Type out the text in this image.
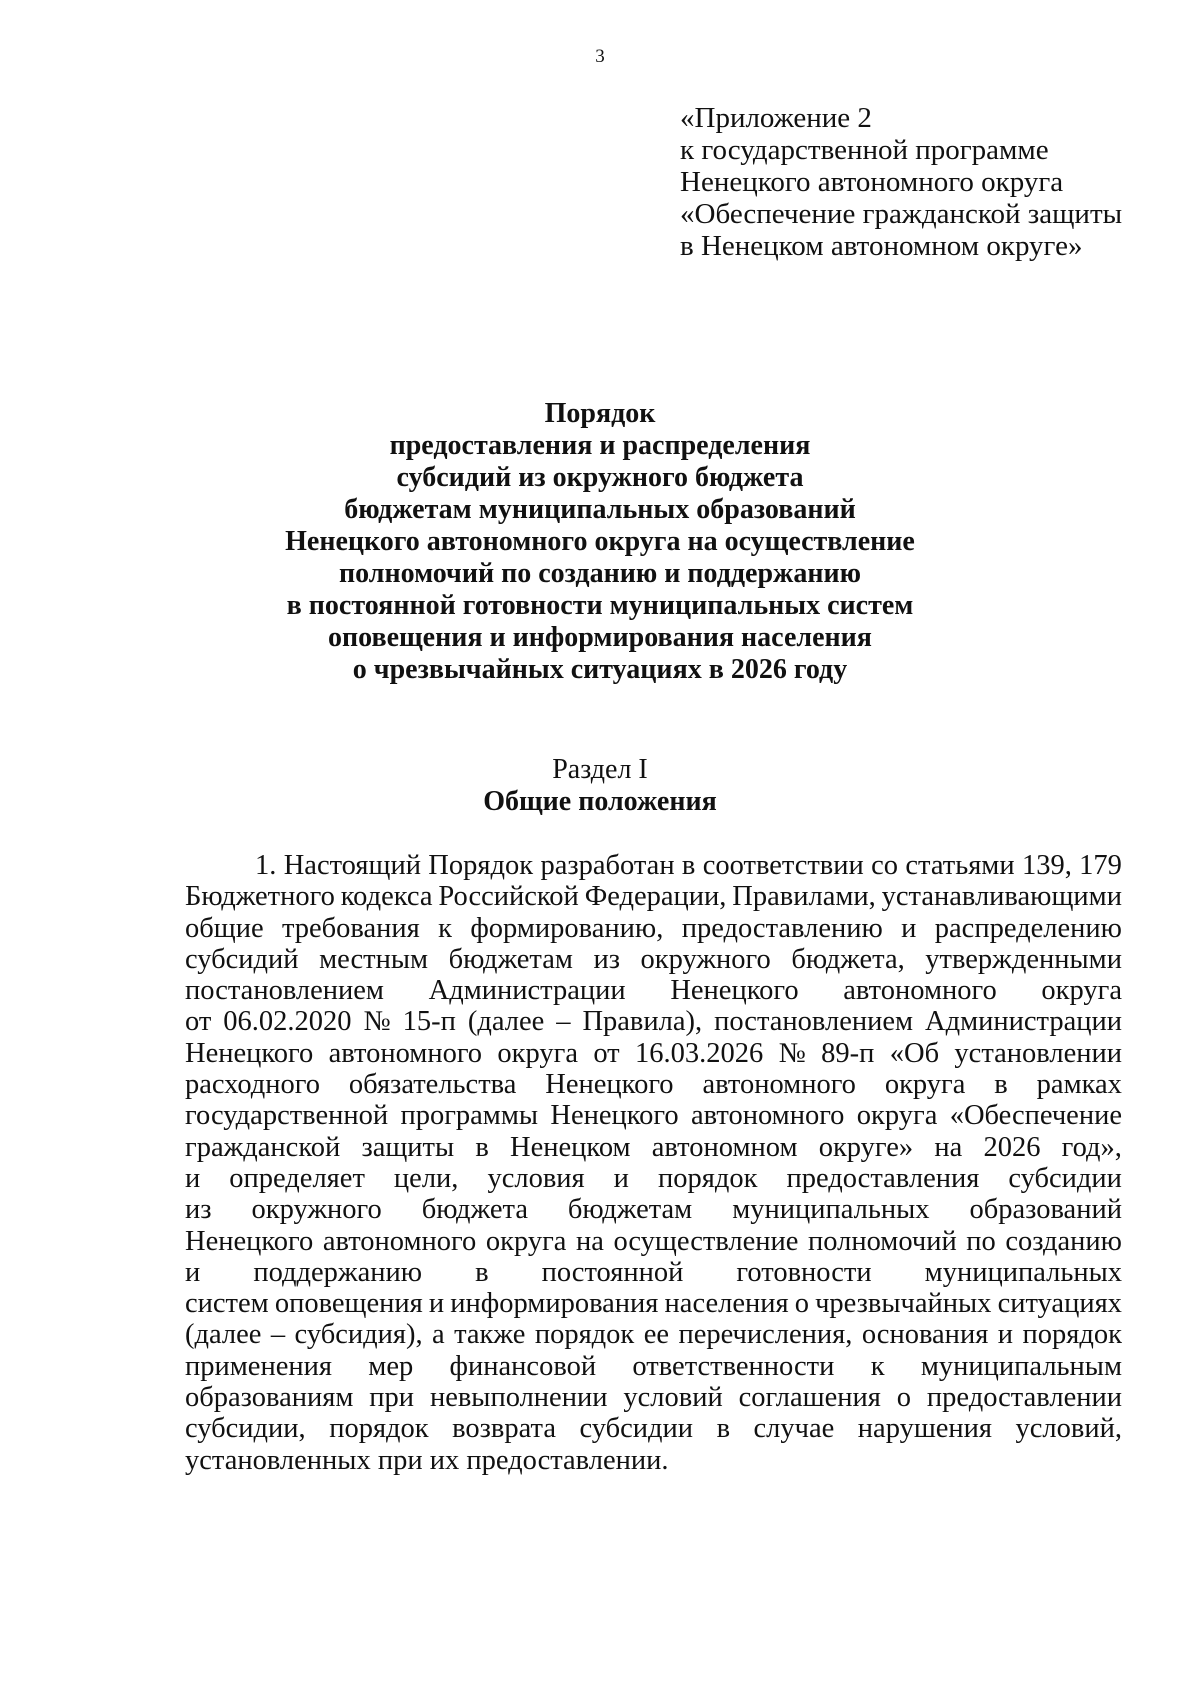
3
«Приложение 2
к государственной программе
Ненецкого автономного округа
«Обеспечение гражданской защиты
в Ненецком автономном округе»
Порядок
предоставления и распределения
субсидий из окружного бюджета
бюджетам муниципальных образований
Ненецкого автономного округа на осуществление
полномочий по созданию и поддержанию
в постоянной готовности муниципальных систем
оповещения и информирования населения
о чрезвычайных ситуациях в 2026 году
Раздел I
Общие положения
1. Настоящий Порядок разработан в соответствии со статьями 139, 179
Бюджетного кодекса Российской Федерации, Правилами, устанавливающими
общие требования к формированию, предоставлению и распределению
субсидий местным бюджетам из окружного бюджета, утвержденными
постановлением Администрации Ненецкого автономного округа
от 06.02.2020 № 15-п (далее – Правила), постановлением Администрации
Ненецкого автономного округа от 16.03.2026 № 89-п «Об установлении
расходного обязательства Ненецкого автономного округа в рамках
государственной программы Ненецкого автономного округа «Обеспечение
гражданской защиты в Ненецком автономном округе» на 2026 год»,
и определяет цели, условия и порядок предоставления субсидии
из окружного бюджета бюджетам муниципальных образований
Ненецкого автономного округа на осуществление полномочий по созданию
и поддержанию в постоянной готовности муниципальных
систем оповещения и информирования населения о чрезвычайных ситуациях
(далее – субсидия), а также порядок ее перечисления, основания и порядок
применения мер финансовой ответственности к муниципальным
образованиям при невыполнении условий соглашения о предоставлении
субсидии, порядок возврата субсидии в случае нарушения условий,
установленных при их предоставлении.
